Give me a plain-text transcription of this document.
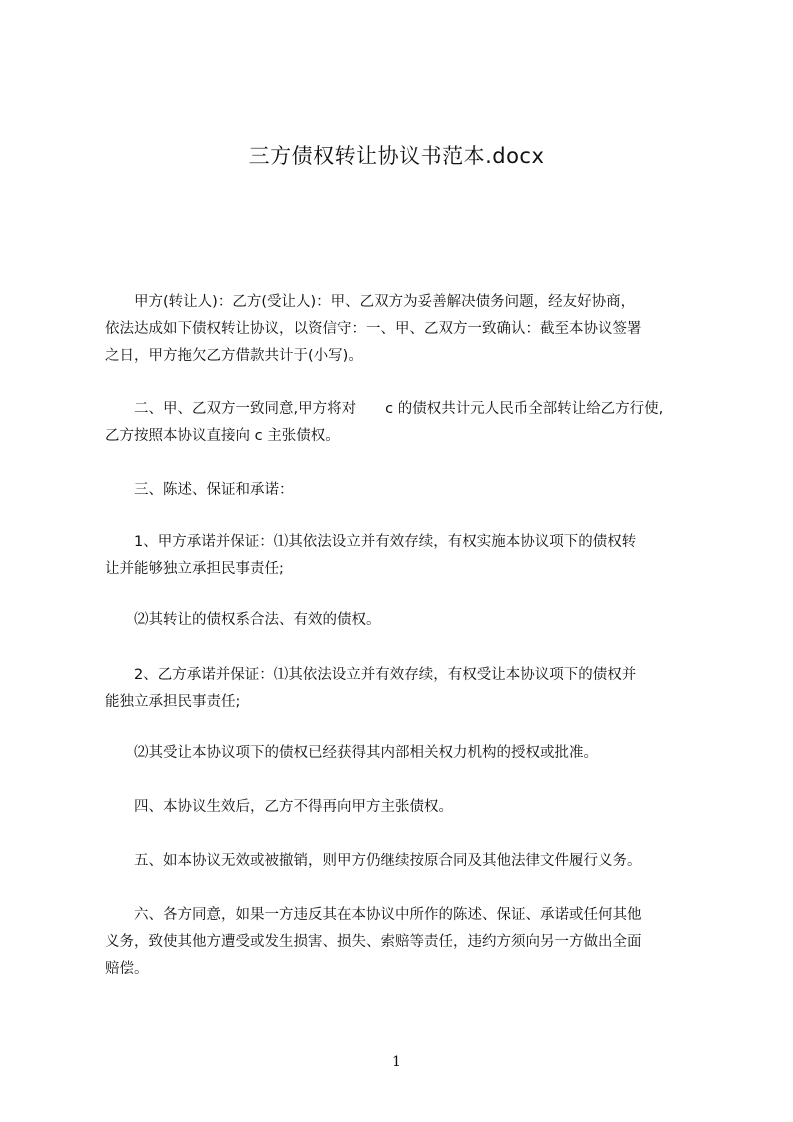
三方债权转让协议书范本.docx
　　甲方(转让人)：乙方(受让人)：甲、乙双方为妥善解决债务问题，经友好协商，
依法达成如下债权转让协议，以资信守：一、甲、乙双方一致确认：截至本协议签署
之日，甲方拖欠乙方借款共计于(小写)。
　　二、甲、乙双方一致同意,甲方将对　　c 的债权共计元人民币全部转让给乙方行使,
乙方按照本协议直接向 c 主张债权。
　　三、陈述、保证和承诺：
　　1、甲方承诺并保证：⑴其依法设立并有效存续，有权实施本协议项下的债权转
让并能够独立承担民事责任;
　　⑵其转让的债权系合法、有效的债权。
　　2、乙方承诺并保证：⑴其依法设立并有效存续，有权受让本协议项下的债权并
能独立承担民事责任;
　　⑵其受让本协议项下的债权已经获得其内部相关权力机构的授权或批准。
　　四、本协议生效后，乙方不得再向甲方主张债权。
　　五、如本协议无效或被撤销，则甲方仍继续按原合同及其他法律文件履行义务。
　　六、各方同意，如果一方违反其在本协议中所作的陈述、保证、承诺或任何其他
义务，致使其他方遭受或发生损害、损失、索赔等责任，违约方须向另一方做出全面
赔偿。
1
